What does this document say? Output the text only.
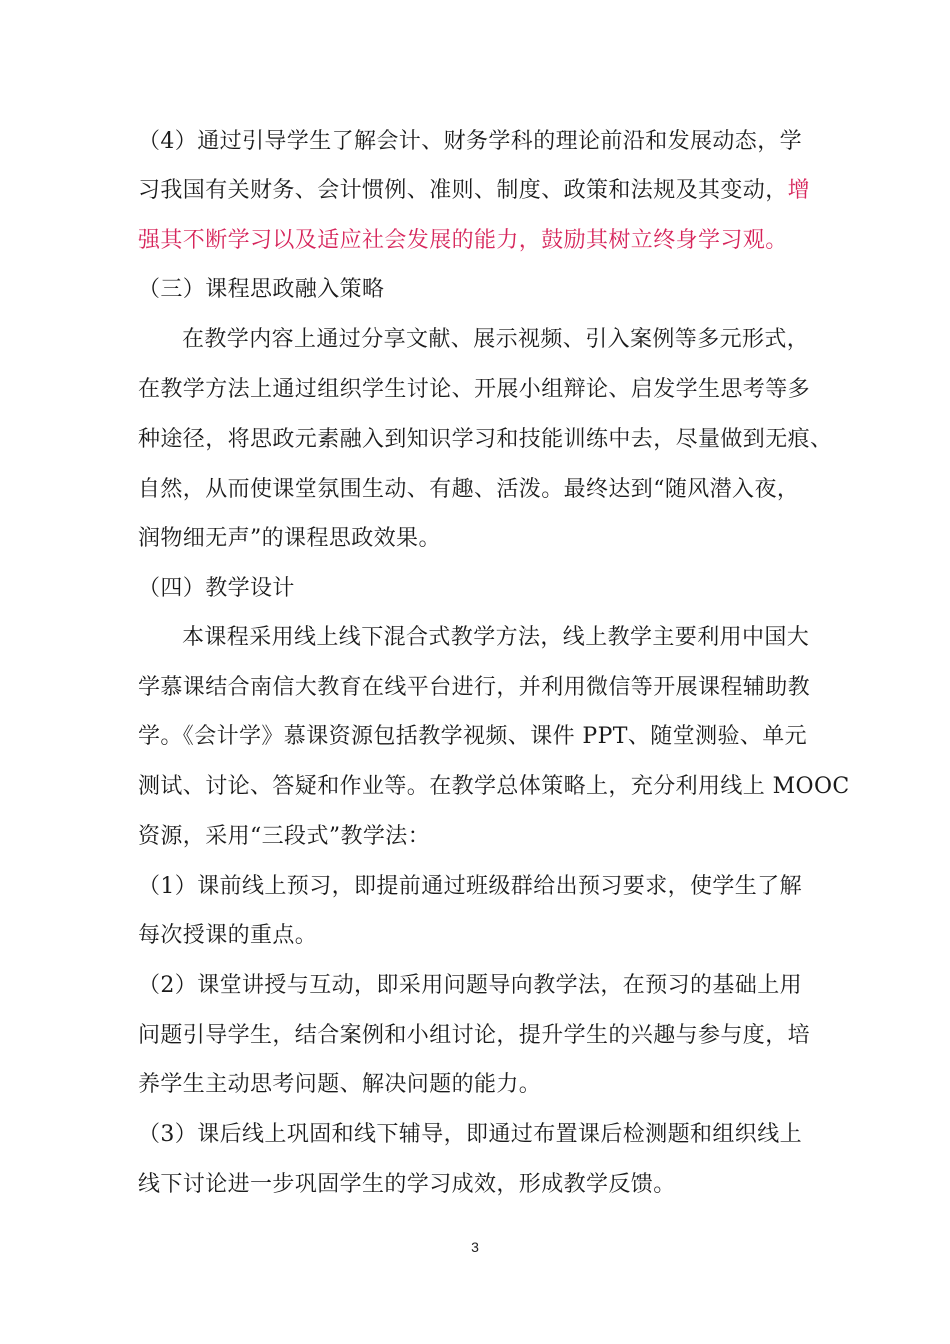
（4）通过引导学生了解会计、财务学科的理论前沿和发展动态，学
习我国有关财务、会计惯例、准则、制度、政策和法规及其变动，增
强其不断学习以及适应社会发展的能力，鼓励其树立终身学习观。
（三）课程思政融入策略
在教学内容上通过分享文献、展示视频、引入案例等多元形式，
在教学方法上通过组织学生讨论、开展小组辩论、启发学生思考等多
种途径，将思政元素融入到知识学习和技能训练中去，尽量做到无痕、
自然，从而使课堂氛围生动、有趣、活泼。最终达到“随风潜入夜，
润物细无声”的课程思政效果。
（四）教学设计
本课程采用线上线下混合式教学方法，线上教学主要利用中国大
学慕课结合南信大教育在线平台进行，并利用微信等开展课程辅助教
学。《会计学》慕课资源包括教学视频、课件 PPT、随堂测验、单元
测试、讨论、答疑和作业等。在教学总体策略上，充分利用线上 MOOC
资源，采用“三段式”教学法：
（1）课前线上预习，即提前通过班级群给出预习要求，使学生了解
每次授课的重点。
（2）课堂讲授与互动，即采用问题导向教学法，在预习的基础上用
问题引导学生，结合案例和小组讨论，提升学生的兴趣与参与度，培
养学生主动思考问题、解决问题的能力。
（3）课后线上巩固和线下辅导，即通过布置课后检测题和组织线上
线下讨论进一步巩固学生的学习成效，形成教学反馈。
3
